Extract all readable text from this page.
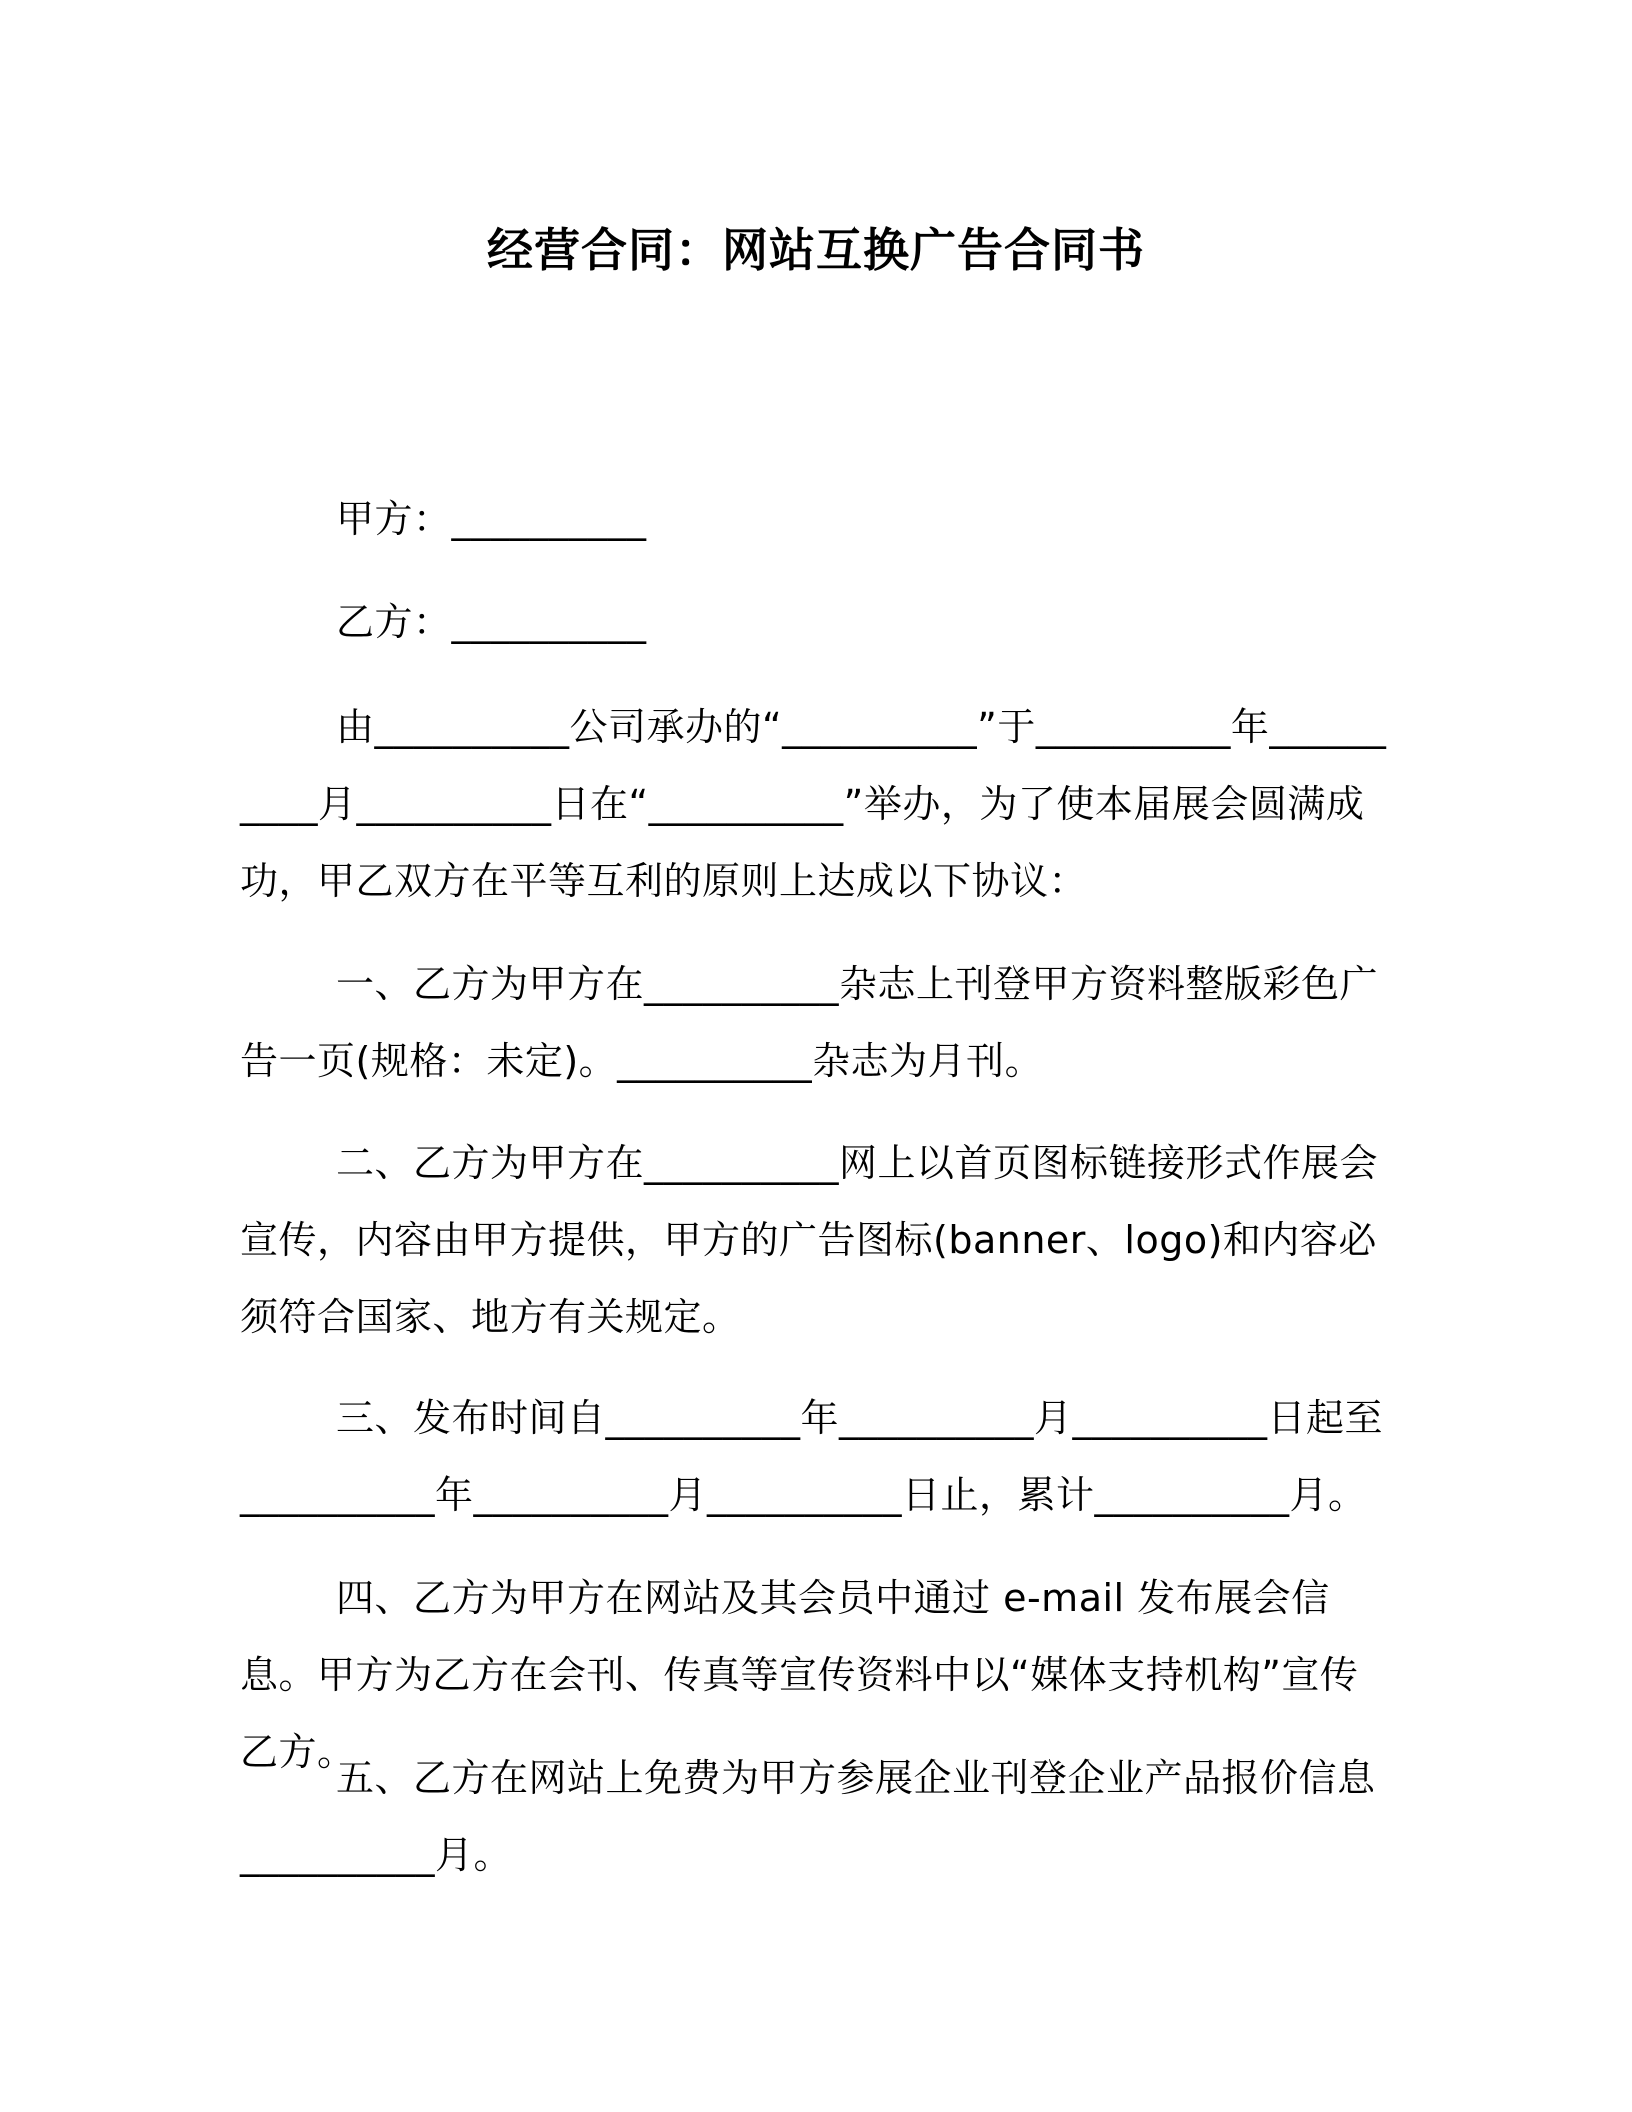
经营合同：网站互换广告合同书
甲方：__________
乙方：__________

由__________公司承办的“__________”于__________年__________月__________日在“__________”举办，为了使本届展会圆满成功，甲乙双方在平等互利的原则上达成以下协议：

一、乙方为甲方在__________杂志上刊登甲方资料整版彩色广告一页(规格：未定)。__________杂志为月刊。

二、乙方为甲方在__________网上以首页图标链接形式作展会宣传，内容由甲方提供，甲方的广告图标(banner、logo)和内容必须符合国家、地方有关规定。

三、发布时间自__________年__________月__________日起至__________年__________月__________日止，累计__________月。

四、乙方为甲方在网站及其会员中通过 e-mail 发布展会信息。甲方为乙方在会刊、传真等宣传资料中以“媒体支持机构”宣传乙方。

五、乙方在网站上免费为甲方参展企业刊登企业产品报价信息__________月。
